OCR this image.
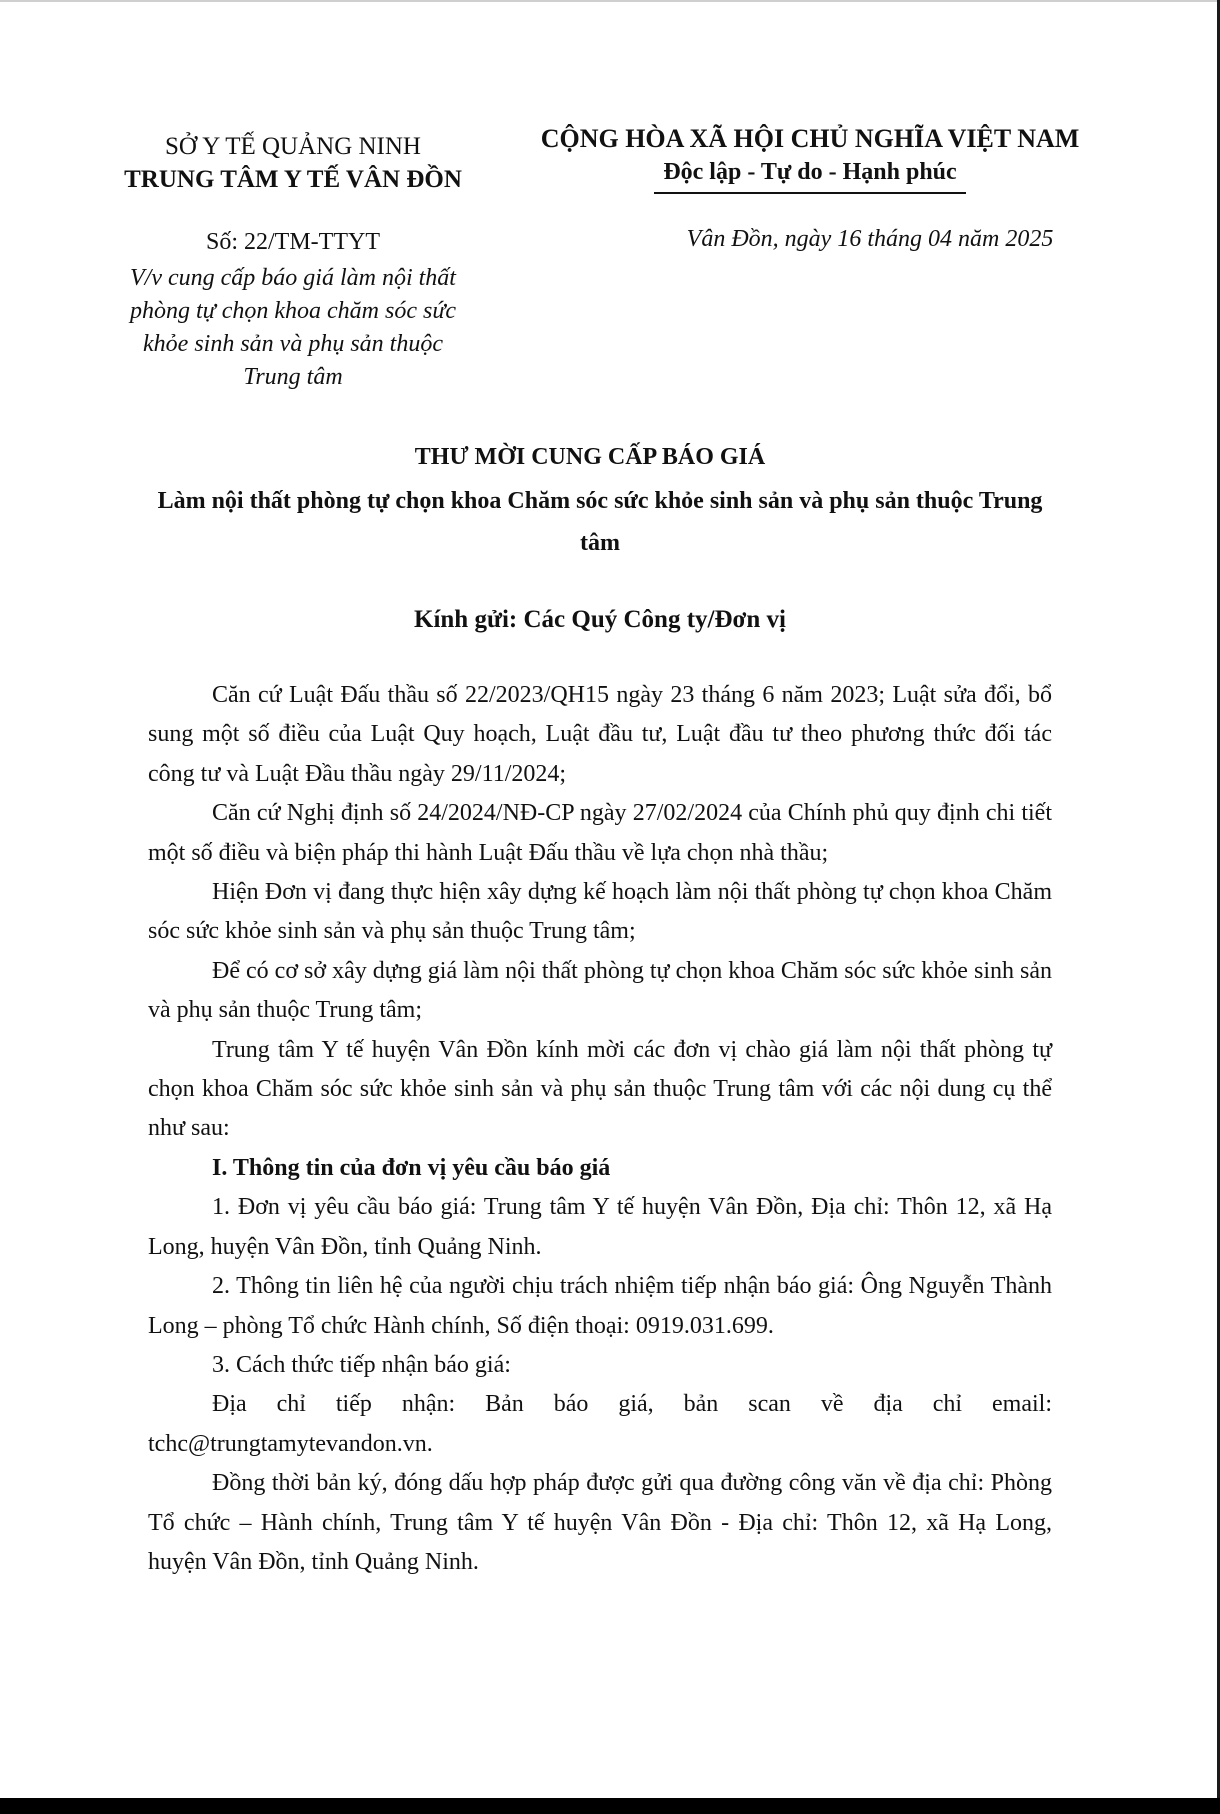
SỞ Y TẾ QUẢNG NINH
TRUNG TÂM Y TẾ VÂN ĐỒN
CỘNG HÒA XÃ HỘI CHỦ NGHĨA VIỆT NAM
Độc lập - Tự do - Hạnh phúc
Số: 22/TM-TTYT
V/v cung cấp báo giá làm nội thất phòng tự chọn khoa chăm sóc sức khỏe sinh sản và phụ sản thuộc Trung tâm
Vân Đồn, ngày 16 tháng 04 năm 2025
THƯ MỜI CUNG CẤP BÁO GIÁ
Làm nội thất phòng tự chọn khoa Chăm sóc sức khỏe sinh sản và phụ sản thuộc Trung tâm
Kính gửi: Các Quý Công ty/Đơn vị

Căn cứ Luật Đấu thầu số 22/2023/QH15 ngày 23 tháng 6 năm 2023; Luật sửa đổi, bổ sung một số điều của Luật Quy hoạch, Luật đầu tư, Luật đầu tư theo phương thức đối tác công tư và Luật Đầu thầu ngày 29/11/2024;

Căn cứ Nghị định số 24/2024/NĐ-CP ngày 27/02/2024 của Chính phủ quy định chi tiết một số điều và biện pháp thi hành Luật Đấu thầu về lựa chọn nhà thầu;

Hiện Đơn vị đang thực hiện xây dựng kế hoạch làm nội thất phòng tự chọn khoa Chăm sóc sức khỏe sinh sản và phụ sản thuộc Trung tâm;

Để có cơ sở xây dựng giá làm nội thất phòng tự chọn khoa Chăm sóc sức khỏe sinh sản và phụ sản thuộc Trung tâm;

Trung tâm Y tế huyện Vân Đồn kính mời các đơn vị chào giá làm nội thất phòng tự chọn khoa Chăm sóc sức khỏe sinh sản và phụ sản thuộc Trung tâm với các nội dung cụ thể như sau:

I. Thông tin của đơn vị yêu cầu báo giá

1. Đơn vị yêu cầu báo giá: Trung tâm Y tế huyện Vân Đồn, Địa chỉ: Thôn 12, xã Hạ Long, huyện Vân Đồn, tỉnh Quảng Ninh.

2. Thông tin liên hệ của người chịu trách nhiệm tiếp nhận báo giá: Ông Nguyễn Thành Long – phòng Tổ chức Hành chính, Số điện thoại: 0919.031.699.

3. Cách thức tiếp nhận báo giá:

Địa chỉ tiếp nhận: Bản báo giá, bản scan về địa chỉ email: tchc@trungtamytevandon.vn.

Đồng thời bản ký, đóng dấu hợp pháp được gửi qua đường công văn về địa chỉ: Phòng Tổ chức – Hành chính, Trung tâm Y tế huyện Vân Đồn - Địa chỉ: Thôn 12, xã Hạ Long, huyện Vân Đồn, tỉnh Quảng Ninh.
